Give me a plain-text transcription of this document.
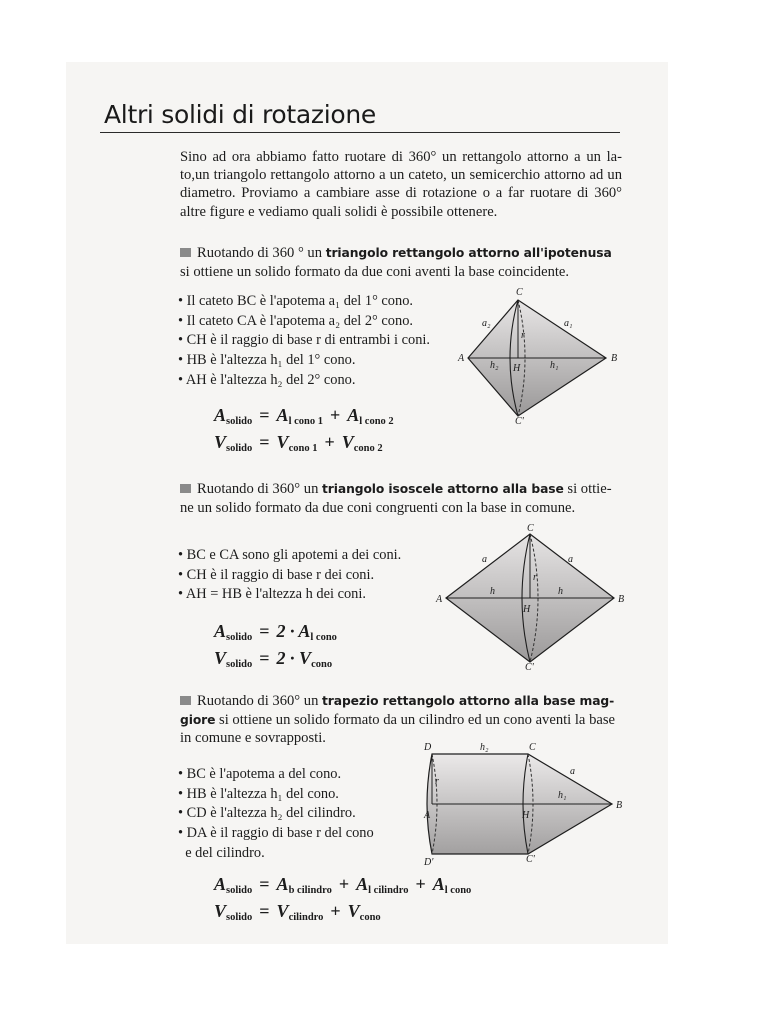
Altri solidi di rotazione

Sino ad ora abbiamo fatto ruotare di 360° un rettangolo attorno a un la-to,un triangolo rettangolo attorno a un cateto, un semicerchio attorno ad un diametro. Proviamo a cambiare asse di rotazione o a far ruotare di 360° altre figure e vediamo quali solidi è possibile ottenere.

Ruotando di 360 ° un triangolo rettangolo attorno all'ipotenusa si ottiene un solido formato da due coni aventi la base coincidente.

• Il cateto BC è l'apotema a₁ del 1° cono.
• Il cateto CA è l'apotema a₂ del 2° cono.
• CH è il raggio di base r di entrambi i coni.
• HB è l'altezza h₁ del 1° cono.
• AH è l'altezza h₂ del 2° cono.
$A_{solido} = A_{l cono 1} + A_{l cono 2}$
$V_{solido} = V_{cono 1} + V_{cono 2}$
C
C'
A	B
H
a₂	a₁
r
h₁
h₂

Ruotando di 360° un triangolo isoscele attorno alla base si ottie-ne un solido formato da due coni congruenti con la base in comune.

• BC e CA sono gli apotemi a dei coni.
• CH è il raggio di base r dei coni.
• AH = HB è l'altezza h dei coni.
$A_{solido} = 2 \cdot A_{l cono}$
$V_{solido} = 2 \cdot V_{cono}$
C
C'
A	B
H
a	a
r
h	h

Ruotando di 360° un trapezio rettangolo attorno alla base mag-giore si ottiene un solido formato da un cilindro ed un cono aventi la base in comune e sovrapposti.

• BC è l'apotema a del cono.
• HB è l'altezza h₁ del cono.
• CD è l'altezza h₂ del cilindro.
• DA è il raggio di base r del cono
e del cilindro.
$A_{solido} = A_{b cilindro} + A_{l cilindro} + A_{l cono}$
$V_{solido} = V_{cilindro} + V_{cono}$
D
D'
C
C'
A
B
H
h₂
h₁
a
r
